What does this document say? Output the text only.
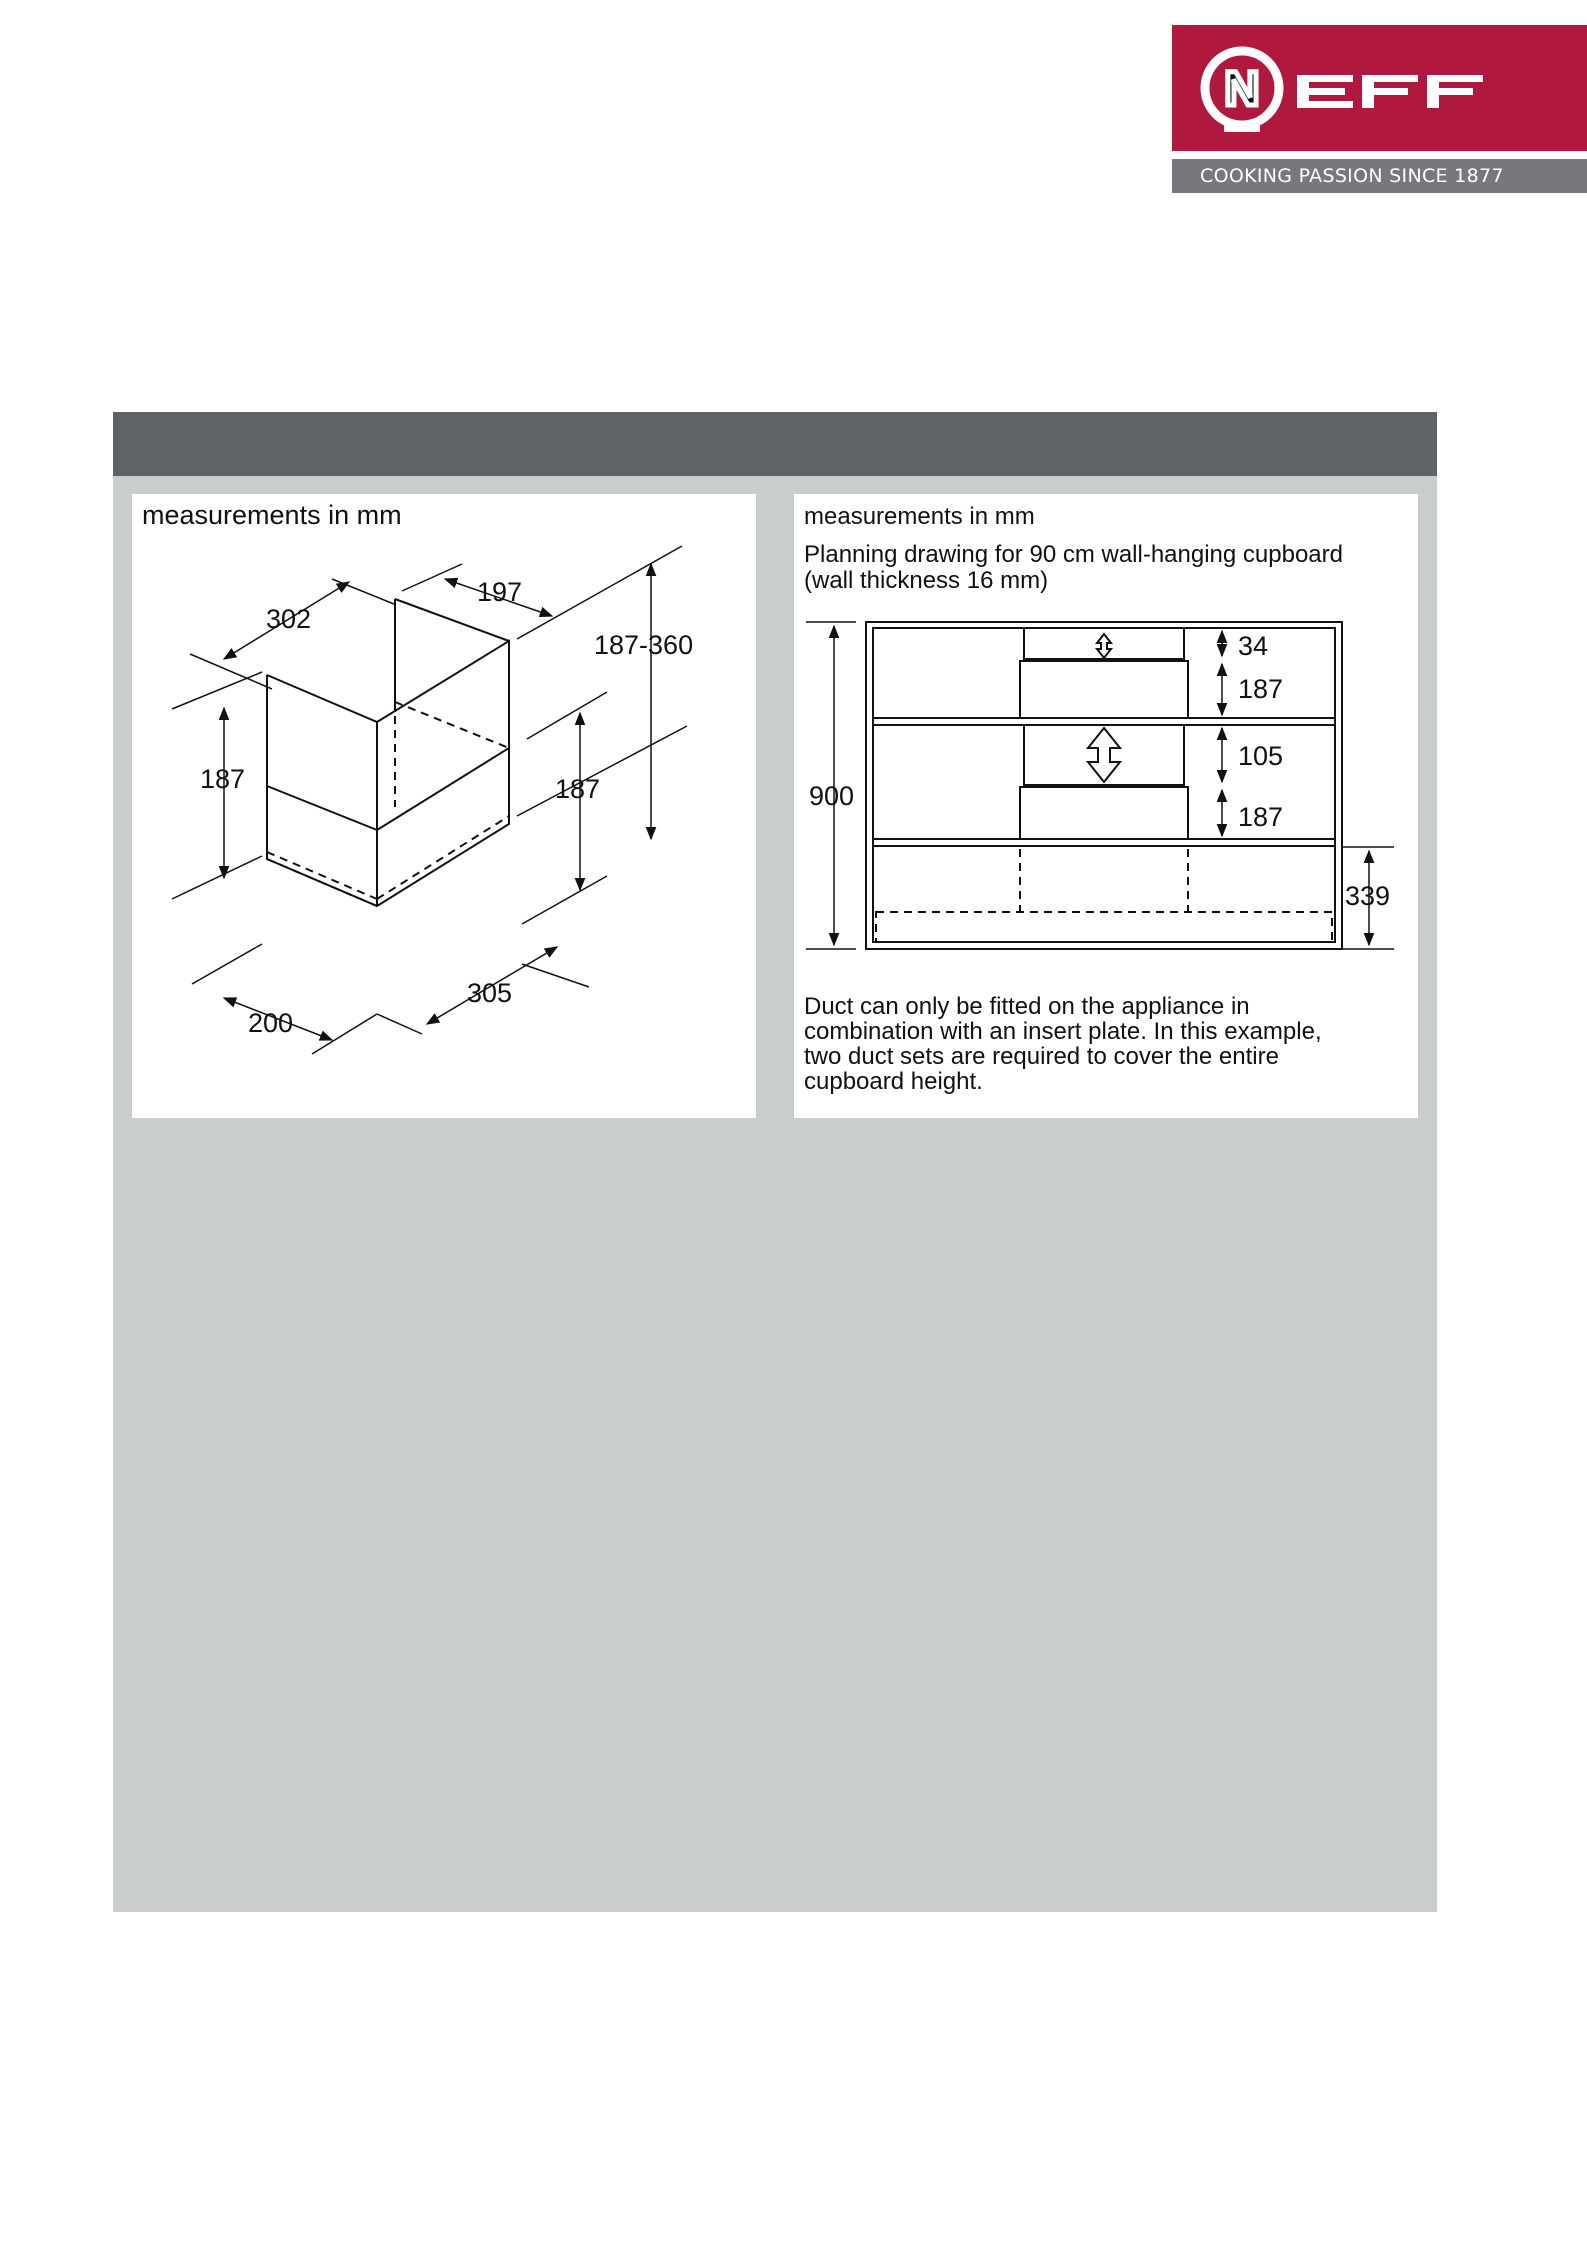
N
COOKING PASSION SINCE 1877
measurements in mm
302
197
187-360
187	187
200
305
measurements in mm
Planning drawing for 90 cm wall-hanging cupboard
(wall thickness 16 mm)
900
34
187
105
187
339
Duct can only be fitted on the appliance in
combination with an insert plate. In this example,
two duct sets are required to cover the entire
cupboard height.
